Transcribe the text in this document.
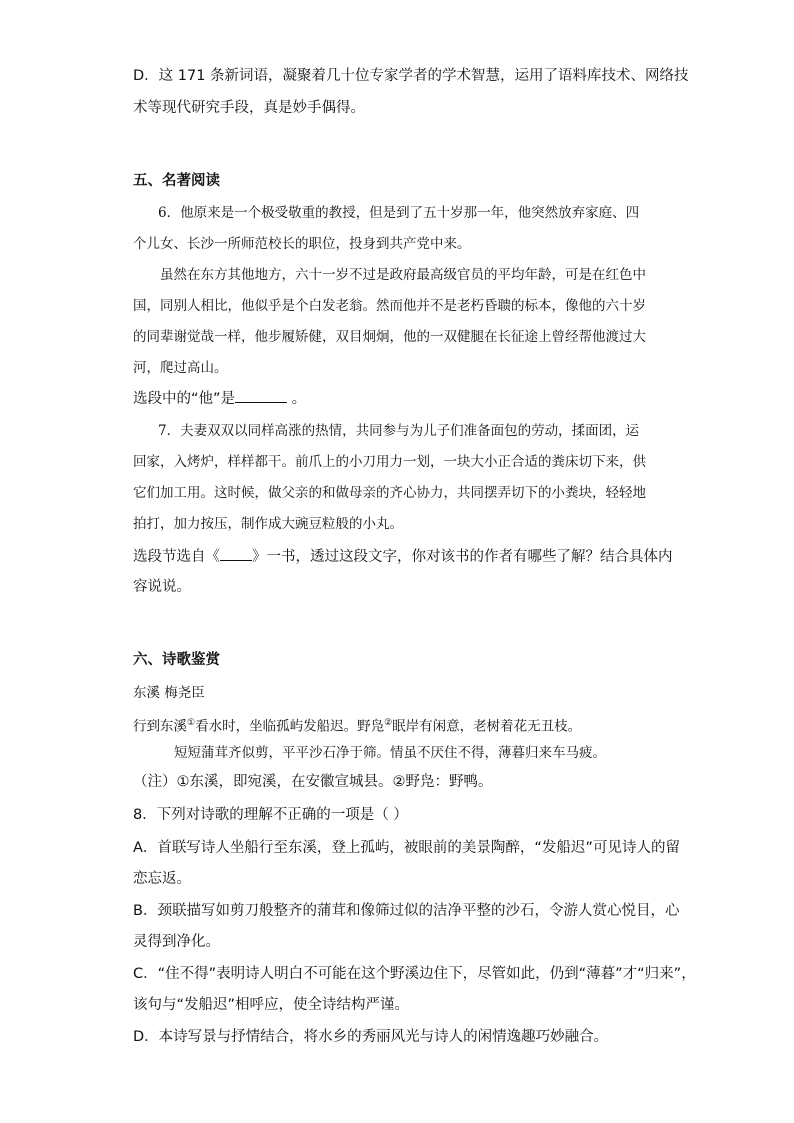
D．这 171 条新词语，凝聚着几十位专家学者的学术智慧，运用了语料库技术、网络技
术等现代研究手段，真是妙手偶得。
五、名著阅读
6．他原来是一个极受敬重的教授，但是到了五十岁那一年，他突然放弃家庭、四
个儿女、长沙一所师范校长的职位，投身到共产党中来。
虽然在东方其他地方，六十一岁不过是政府最高级官员的平均年龄，可是在红色中
国，同别人相比，他似乎是个白发老翁。然而他并不是老朽昏聩的标本，像他的六十岁
的同辈谢觉哉一样，他步履矫健，双目炯炯，他的一双健腿在长征途上曾经帮他渡过大
河，爬过高山。
选段中的“他”是	。
7．夫妻双双以同样高涨的热情，共同参与为儿子们准备面包的劳动，揉面团，运
回家，入烤炉，样样都干。前爪上的小刀用力一划，一块大小正合适的粪床切下来，供
它们加工用。这时候，做父亲的和做母亲的齐心协力，共同摆弄切下的小粪块，轻轻地
拍打，加力按压，制作成大豌豆粒般的小丸。
选段节选自《 》一书，透过这段文字，你对该书的作者有哪些了解？结合具体内
容说说。
六、诗歌鉴赏
东溪 梅尧臣
行到东溪①看水时，坐临孤屿发船迟。野凫②眠岸有闲意，老树着花无丑枝。
短短蒲茸齐似剪，平平沙石净于筛。情虽不厌住不得，薄暮归来车马疲。
（注）①东溪，即宛溪，在安徽宣城县。②野凫：野鸭。
8．下列对诗歌的理解不正确的一项是（ ）
A．首联写诗人坐船行至东溪，登上孤屿，被眼前的美景陶醉，“发船迟”可见诗人的留
恋忘返。
B．颈联描写如剪刀般整齐的蒲茸和像筛过似的洁净平整的沙石，令游人赏心悦目，心
灵得到净化。
C．“住不得”表明诗人明白不可能在这个野溪边住下，尽管如此，仍到“薄暮”才“归来”，
该句与“发船迟”相呼应，使全诗结构严谨。
D．本诗写景与抒情结合，将水乡的秀丽风光与诗人的闲情逸趣巧妙融合。
